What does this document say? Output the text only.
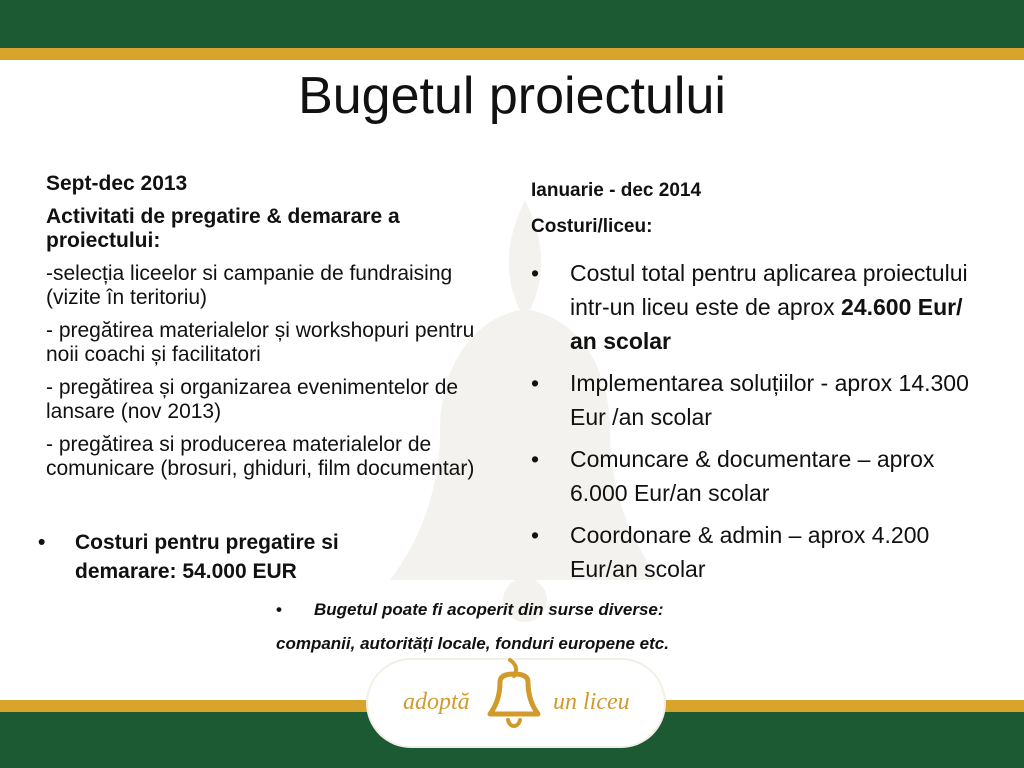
Bugetul proiectului

Sept-dec 2013

Activitati de pregatire & demarare a proiectului:

-selecția liceelor si campanie de fundraising (vizite în teritoriu)

- pregătirea materialelor și workshopuri pentru noii coachi și facilitatori

- pregătirea și organizarea evenimentelor de lansare (nov 2013)

- pregătirea si producerea materialelor de comunicare (brosuri, ghiduri, film documentar)

• Costuri pentru pregatire si demarare: 54.000 EUR

Ianuarie - dec 2014

Costuri/liceu:

• Costul total pentru aplicarea proiectului intr-un liceu este de aprox 24.600 Eur/ an scolar
• Implementarea soluțiilor - aprox 14.300 Eur /an scolar
• Comuncare & documentare – aprox 6.000 Eur/an scolar
• Coordonare & admin – aprox 4.200 Eur/an scolar
• Bugetul poate fi acoperit din surse diverse:
companii, autorități locale, fonduri europene etc.
adoptă	un liceu
